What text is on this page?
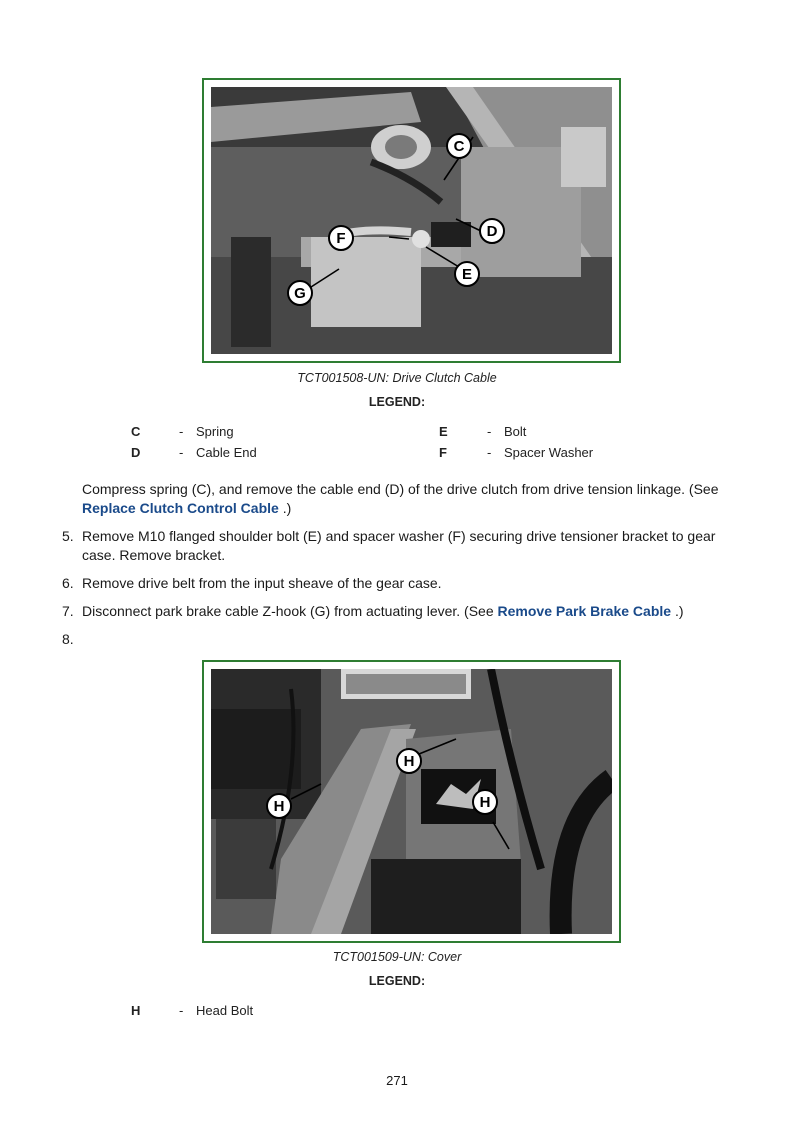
C
D
E
F
G
TCT001508-UN: Drive Clutch Cable
LEGEND:
C	- Spring	E	- Bolt
D	- Cable End	F	- Spacer Washer
Compress spring (C), and remove the cable end (D) of the drive clutch from drive tension linkage. (See
Replace Clutch Control Cable .)
5. Remove M10 flanged shoulder bolt (E) and spacer washer (F) securing drive tensioner bracket to gear
case. Remove bracket.
6. Remove drive belt from the input sheave of the gear case.
7. Disconnect park brake cable Z-hook (G) from actuating lever. (See Remove Park Brake Cable .)
8.
H
H	H
TCT001509-UN: Cover
LEGEND:
H	- Head Bolt
271
